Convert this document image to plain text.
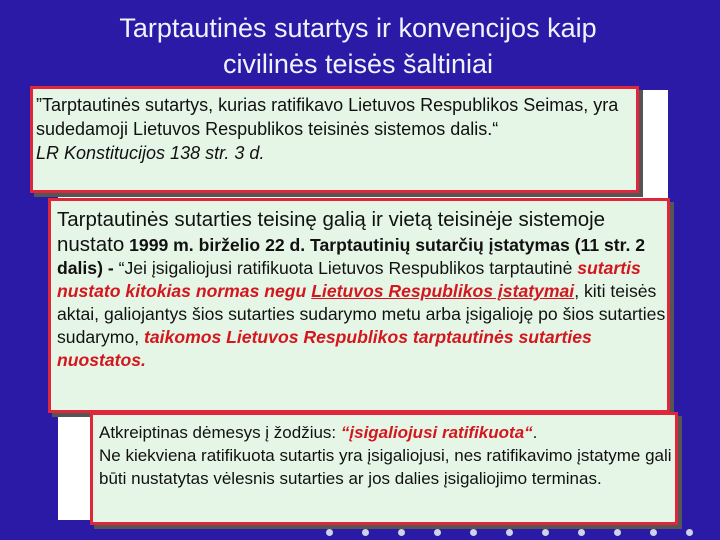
Tarptautinės sutartys ir konvencijos kaip
civilinės teisės šaltiniai
”Tarptautinės sutartys, kurias ratifikavo Lietuvos Respublikos Seimas, yra sudedamoji Lietuvos Respublikos teisinės sistemos dalis.“
LR Konstitucijos 138 str. 3 d.
Tarptautinės sutarties teisinę galią ir vietą teisinėje sistemoje nustato 1999 m. birželio 22 d. Tarptautinių sutarčių įstatymas (11 str. 2 dalis) - “Jei įsigaliojusi ratifikuota Lietuvos Respublikos tarptautinė sutartis nustato kitokias normas negu Lietuvos Respublikos įstatymai, kiti teisės aktai, galiojantys šios sutarties sudarymo metu arba įsigalioję po šios sutarties sudarymo, taikomos Lietuvos Respublikos tarptautinės sutarties nuostatos.
Atkreiptinas dėmesys į žodžius: “įsigaliojusi ratifikuota“.
Ne kiekviena ratifikuota sutartis yra įsigaliojusi, nes ratifikavimo įstatyme gali būti nustatytas vėlesnis sutarties ar jos dalies įsigaliojimo terminas.
